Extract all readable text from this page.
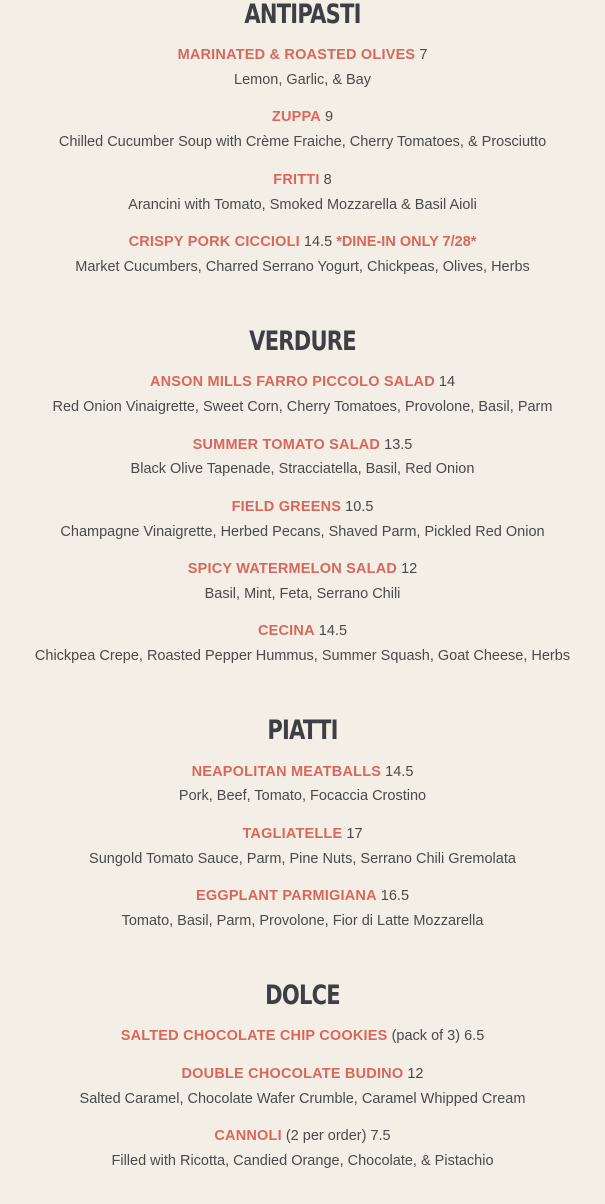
ANTIPASTI
MARINATED & ROASTED OLIVES 7
Lemon, Garlic, & Bay
ZUPPA 9
Chilled Cucumber Soup with Crème Fraiche, Cherry Tomatoes, & Prosciutto
FRITTI 8
Arancini with Tomato, Smoked Mozzarella & Basil Aioli
CRISPY PORK CICCIOLI 14.5 *DINE-IN ONLY 7/28*
Market Cucumbers, Charred Serrano Yogurt, Chickpeas, Olives, Herbs
VERDURE
ANSON MILLS FARRO PICCOLO SALAD 14
Red Onion Vinaigrette, Sweet Corn, Cherry Tomatoes, Provolone, Basil, Parm
SUMMER TOMATO SALAD 13.5
Black Olive Tapenade, Stracciatella, Basil, Red Onion
FIELD GREENS 10.5
Champagne Vinaigrette, Herbed Pecans, Shaved Parm, Pickled Red Onion
SPICY WATERMELON SALAD 12
Basil, Mint, Feta, Serrano Chili
CECINA 14.5
Chickpea Crepe, Roasted Pepper Hummus, Summer Squash, Goat Cheese, Herbs
PIATTI
NEAPOLITAN MEATBALLS 14.5
Pork, Beef, Tomato, Focaccia Crostino
TAGLIATELLE 17
Sungold Tomato Sauce, Parm, Pine Nuts, Serrano Chili Gremolata
EGGPLANT PARMIGIANA 16.5
Tomato, Basil, Parm, Provolone, Fior di Latte Mozzarella
DOLCE
SALTED CHOCOLATE CHIP COOKIES (pack of 3) 6.5
DOUBLE CHOCOLATE BUDINO 12
Salted Caramel, Chocolate Wafer Crumble, Caramel Whipped Cream
CANNOLI (2 per order) 7.5
Filled with Ricotta, Candied Orange, Chocolate, & Pistachio
